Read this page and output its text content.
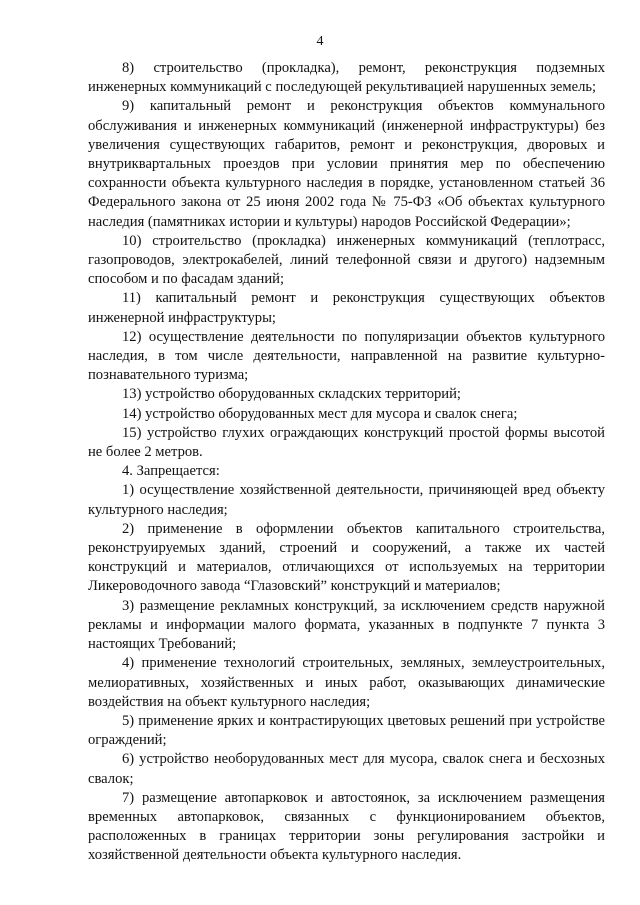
4

8) строительство (прокладка), ремонт, реконструкция подземных инженерных коммуникаций с последующей рекультивацией нарушенных земель;

9) капитальный ремонт и реконструкция объектов коммунального обслуживания и инженерных коммуникаций (инженерной инфраструктуры) без увеличения существующих габаритов, ремонт и реконструкция, дворовых и внутриквартальных проездов при условии принятия мер по обеспечению сохранности объекта культурного наследия в порядке, установленном статьей 36 Федерального закона от 25 июня 2002 года № 75-ФЗ «Об объектах культурного наследия (памятниках истории и культуры) народов Российской Федерации»;

10) строительство (прокладка) инженерных коммуникаций (теплотрасс, газопроводов, электрокабелей, линий телефонной связи и другого) надземным способом и по фасадам зданий;

11) капитальный ремонт и реконструкция существующих объектов инженерной инфраструктуры;

12) осуществление деятельности по популяризации объектов культурного наследия, в том числе деятельности, направленной на развитие культурно-познавательного туризма;

13) устройство оборудованных складских территорий;

14) устройство оборудованных мест для мусора и свалок снега;

15) устройство глухих ограждающих конструкций простой формы высотой не более 2 метров.

4. Запрещается:

1) осуществление хозяйственной деятельности, причиняющей вред объекту культурного наследия;

2) применение в оформлении объектов капитального строительства, реконструируемых зданий, строений и сооружений, а также их частей конструкций и материалов, отличающихся от используемых на территории Ликероводочного завода “Глазовский” конструкций и материалов;

3) размещение рекламных конструкций, за исключением средств наружной рекламы и информации малого формата, указанных в подпункте 7 пункта 3 настоящих Требований;

4) применение технологий строительных, земляных, землеустроительных, мелиоративных, хозяйственных и иных работ, оказывающих динамические воздействия на объект культурного наследия;

5) применение ярких и контрастирующих цветовых решений при устройстве ограждений;

6) устройство необорудованных мест для мусора, свалок снега и бесхозных свалок;

7) размещение автопарковок и автостоянок, за исключением размещения временных автопарковок, связанных с функционированием объектов, расположенных в границах территории зоны регулирования застройки и хозяйственной деятельности объекта культурного наследия.
